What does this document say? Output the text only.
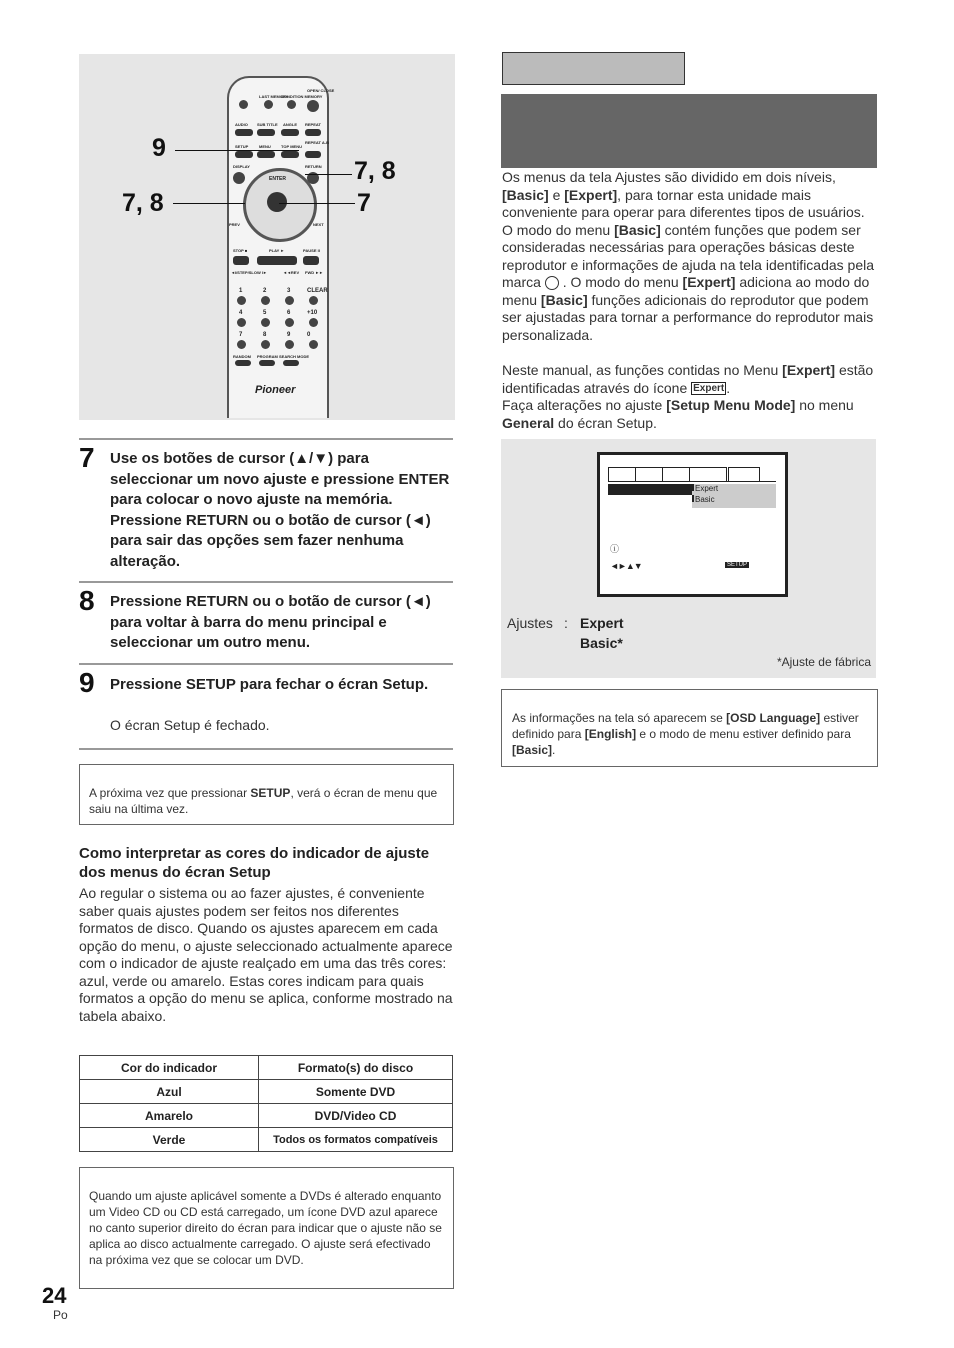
LAST MEMORY
CONDITION MEMORY
OPEN/ CLOSE
AUDIO SUB TITLE ANGLE REPEAT
SETUP	MENU	TOP MENU
REPEAT A-B
DISPLAY	RETURN
ENTER
PREV	NEXT
STOP ■	PLAY ►	PAUSE II
◄I/STEP/SLOW I►	◄◄REV FWD ►►
1	2	3	CLEAR
4	5	6	+10
7	8	9	0
RANDOM PROGRAM SEARCH MODE
Pioneer
9
7, 8
7, 8
7
7 Use os botões de cursor (▲/▼) para seleccionar um novo ajuste e pressione ENTER para colocar o novo ajuste na memória. Pressione RETURN ou o botão de cursor (◄) para sair das opções sem fazer nenhuma alteração.
8 Pressione RETURN ou o botão de cursor (◄) para voltar à barra do menu principal e seleccionar um outro menu.
9 Pressione SETUP para fechar o écran Setup.
O écran Setup é fechado.
A próxima vez que pressionar SETUP, verá o écran de menu que saiu na última vez.
Como interpretar as cores do indicador de ajuste dos menus do écran Setup
Ao regular o sistema ou ao fazer ajustes, é conveniente saber quais ajustes podem ser feitos nos diferentes formatos de disco. Quando os ajustes aparecem em cada opção do menu, o ajuste seleccionado actualmente aparece com o indicador de ajuste realçado em uma das três cores: azul, verde ou amarelo. Estas cores indicam para quais formatos a opção do menu se aplica, conforme mostrado na tabela abaixo.
Cor do indicador	Formato(s) do disco
Azul	Somente DVD
Amarelo	DVD/Video CD
Verde	Todos os formatos compatíveis
Quando um ajuste aplicável somente a DVDs é alterado enquanto um Video CD ou CD está carregado, um ícone DVD azul aparece no canto superior direito do écran para indicar que o ajuste não se aplica ao disco actualmente carregado. O ajuste será efectivado na próxima vez que se colocar um DVD.
24
Po
Os menus da tela Ajustes são dividido em dois níveis, [Basic] e [Expert], para tornar esta unidade mais conveniente para operar para diferentes tipos de usuários. O modo do menu [Basic] contém funções que podem ser consideradas necessárias para operações básicas deste reprodutor e informações de ajuda na tela identificadas pela marca  . O modo do menu [Expert] adiciona ao modo do menu [Basic] funções adicionais do reprodutor que podem ser ajustadas para tornar a performance do reprodutor mais personalizada.
Neste manual, as funções contidas no Menu [Expert] estão identificadas através do ícone Expert .
Faça alterações no ajuste [Setup Menu Mode] no menu General do écran Setup.
Expert
Basic
ⓘ
◄►▲▼	SETUP
Ajustes : Expert
Basic*
*Ajuste de fábrica
As informações na tela só aparecem se [OSD Language] estiver definido para [English] e o modo de menu estiver definido para [Basic].
